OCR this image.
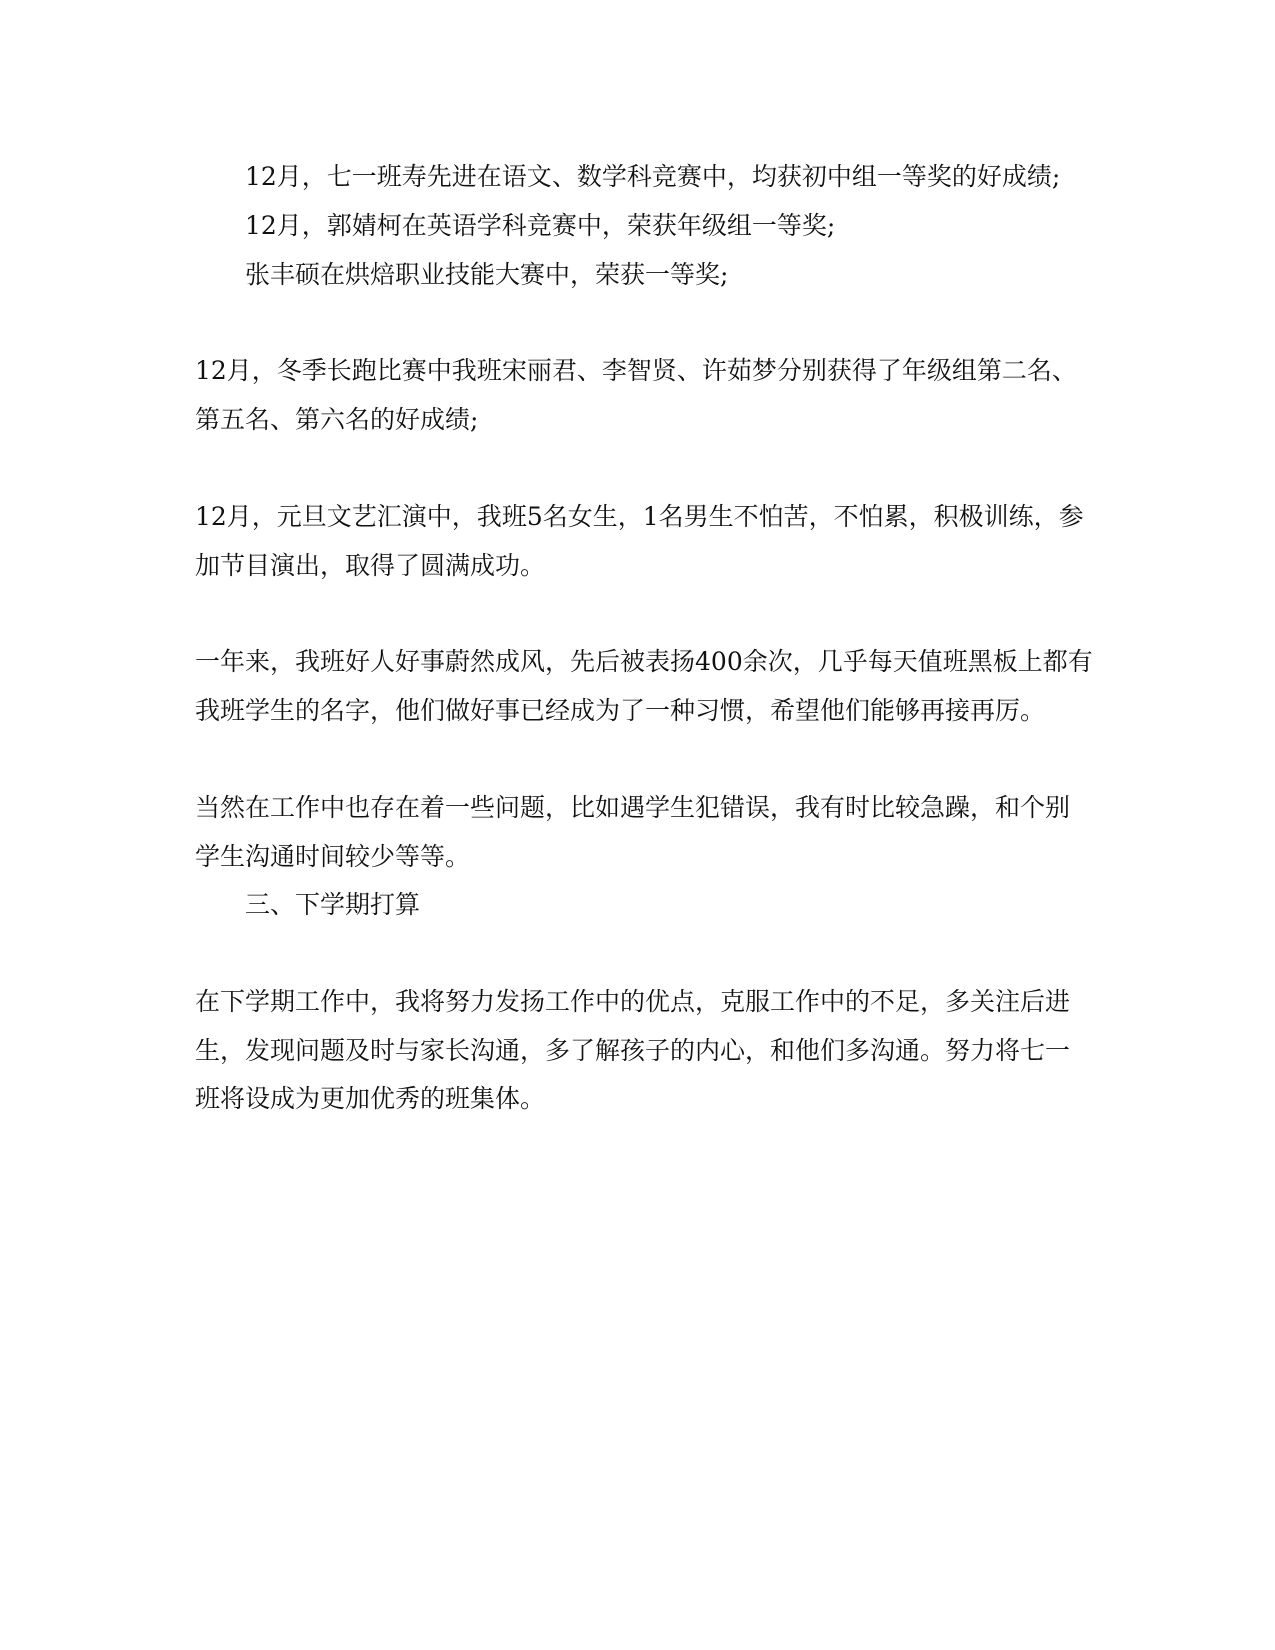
12月，七一班寿先进在语文、数学科竞赛中，均获初中组一等奖的好成绩;
12月，郭婧柯在英语学科竞赛中，荣获年级组一等奖;
张丰硕在烘焙职业技能大赛中，荣获一等奖;
12月，冬季长跑比赛中我班宋丽君、李智贤、许茹梦分别获得了年级组第二名、
第五名、第六名的好成绩;
12月，元旦文艺汇演中，我班5名女生，1名男生不怕苦，不怕累，积极训练，参
加节目演出，取得了圆满成功。
一年来，我班好人好事蔚然成风，先后被表扬400余次，几乎每天值班黑板上都有
我班学生的名字，他们做好事已经成为了一种习惯，希望他们能够再接再厉。
当然在工作中也存在着一些问题，比如遇学生犯错误，我有时比较急躁，和个别
学生沟通时间较少等等。
三、下学期打算
在下学期工作中，我将努力发扬工作中的优点，克服工作中的不足，多关注后进
生，发现问题及时与家长沟通，多了解孩子的内心，和他们多沟通。努力将七一
班将设成为更加优秀的班集体。
